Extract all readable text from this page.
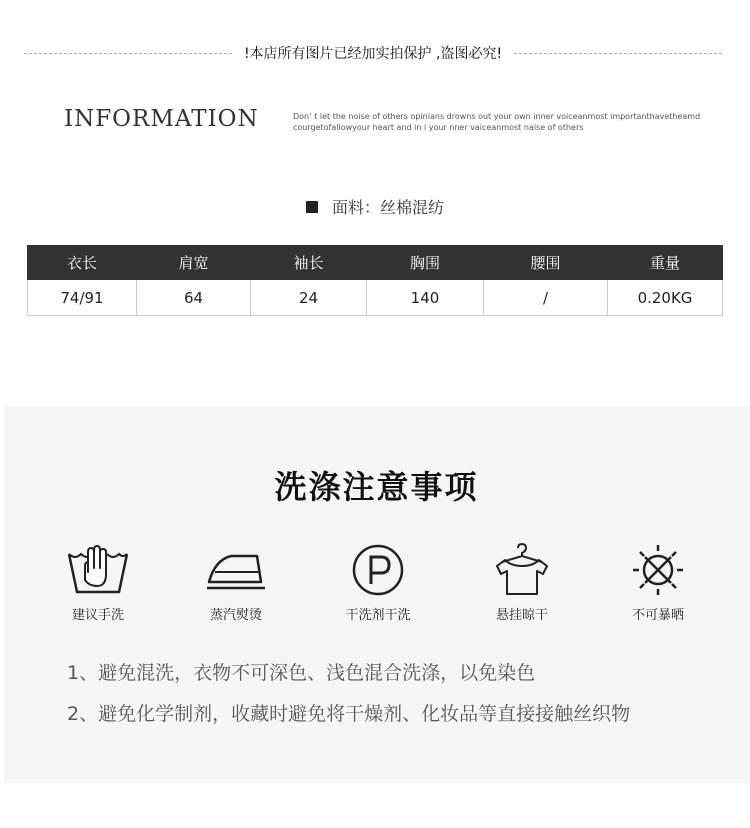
!本店所有图片已经加实拍保护 ,盗图必究!
INFORMATION	Don’ t let the noise of others opinians drowns out your own inner voiceanmost importanthavetheamd
courgetofallowyour heart and in i your nner vaiceanmost naise of others
面料：丝棉混纺
衣长	肩宽	袖长	胸围	腰围	重量
74/91	64	24	140	/	0.20KG
洗涤注意事项
建议手洗	蒸汽熨烫	干洗剂干洗	悬挂晾干	不可暴晒
1、避免混洗，衣物不可深色、浅色混合洗涤，以免染色
2、避免化学制剂，收藏时避免将干燥剂、化妆品等直接接触丝织物
